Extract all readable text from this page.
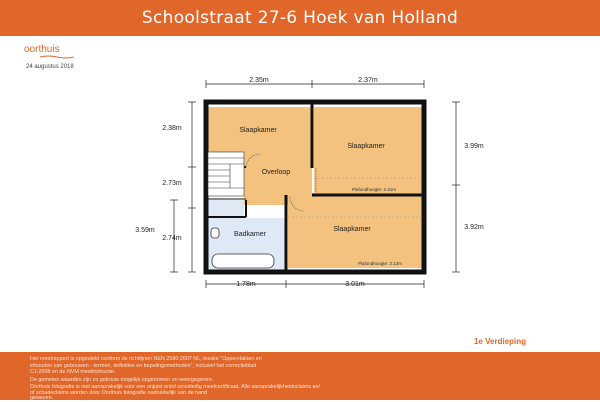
Schoolstraat 27-6 Hoek van Holland
oorthuis
24 augustus 2018
2.35m	2.37m
2.38m
2.73m
2.74m
3.59m
3.99m
3.92m
1.78m	3.01m
Slaapkamer
Slaapkamer
Slaapkamer
Overloop
Badkamer
Plafondhoogte: 2.41m
Plafondhoogte: 2.13m
1e Verdieping

Het meetrapport is opgesteld conform de richtlijnen NEN 2580:2007 NL, inzake "Oppervlakten en

inhouden van gebouwen - termen, definities en bepalingsmethoden", inclusief het correctieblad

C1:2008 en de NVM meetinstructie.

De gemeten waarden zijn zo getrouw mogelijk opgenomen en weergegeven.

Oorthuis fotografie is niet aansprakelijk voor een onjuist en/of onvolledig meetcertificaat. Alle aansprakelijkheidsclaims en/

of schadeclaims worden door Oorthuis fotografie nadrukkelijk van de hand

gewezen.
